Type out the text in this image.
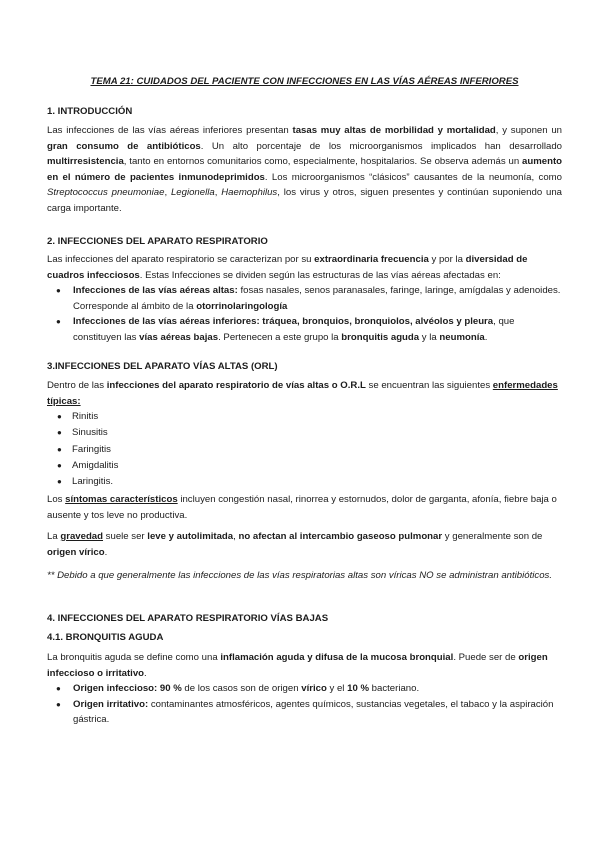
TEMA 21: CUIDADOS DEL PACIENTE CON INFECCIONES EN LAS VÍAS AÉREAS INFERIORES
1. INTRODUCCIÓN

Las infecciones de las vías aéreas inferiores presentan tasas muy altas de morbilidad y mortalidad, y suponen un gran consumo de antibióticos. Un alto porcentaje de los microorganismos implicados han desarrollado multirresistencia, tanto en entornos comunitarios como, especialmente, hospitalarios. Se observa además un aumento en el número de pacientes inmunodeprimidos. Los microorganismos “clásicos” causantes de la neumonía, como Streptococcus pneumoniae, Legionella, Haemophilus, los virus y otros, siguen presentes y continúan suponiendo una carga importante.

2. INFECCIONES DEL APARATO RESPIRATORIO

Las infecciones del aparato respiratorio se caracterizan por su extraordinaria frecuencia y por la diversidad de cuadros infecciosos. Estas Infecciones se dividen según las estructuras de las vías aéreas afectadas en:

● Infecciones de las vías aéreas altas: fosas nasales, senos paranasales, faringe, laringe, amígdalas y adenoides. Corresponde al ámbito de la otorrinolaringología
● Infecciones de las vías aéreas inferiores: tráquea, bronquios, bronquiolos, alvéolos y pleura, que constituyen las vías aéreas bajas. Pertenecen a este grupo la bronquitis aguda y la neumonía.
3.INFECCIONES DEL APARATO VÍAS ALTAS (ORL)

Dentro de las infecciones del aparato respiratorio de vías altas o O.R.L se encuentran las siguientes enfermedades típicas:

● Rinitis
● Sinusitis
● Faringitis
● Amigdalitis
● Laringitis.

Los síntomas característicos incluyen congestión nasal, rinorrea y estornudos, dolor de garganta, afonía, fiebre baja o ausente y tos leve no productiva.

La gravedad suele ser leve y autolimitada, no afectan al intercambio gaseoso pulmonar y generalmente son de origen vírico.

** Debido a que generalmente las infecciones de las vías respiratorias altas son víricas NO se administran antibióticos.

4. INFECCIONES DEL APARATO RESPIRATORIO VÍAS BAJAS
4.1. BRONQUITIS AGUDA

La bronquitis aguda se define como una inflamación aguda y difusa de la mucosa bronquial. Puede ser de origen infeccioso o irritativo.

● Origen infeccioso: 90 % de los casos son de origen vírico y el 10 % bacteriano.
● Origen irritativo: contaminantes atmosféricos, agentes químicos, sustancias vegetales, el tabaco y la aspiración gástrica.
